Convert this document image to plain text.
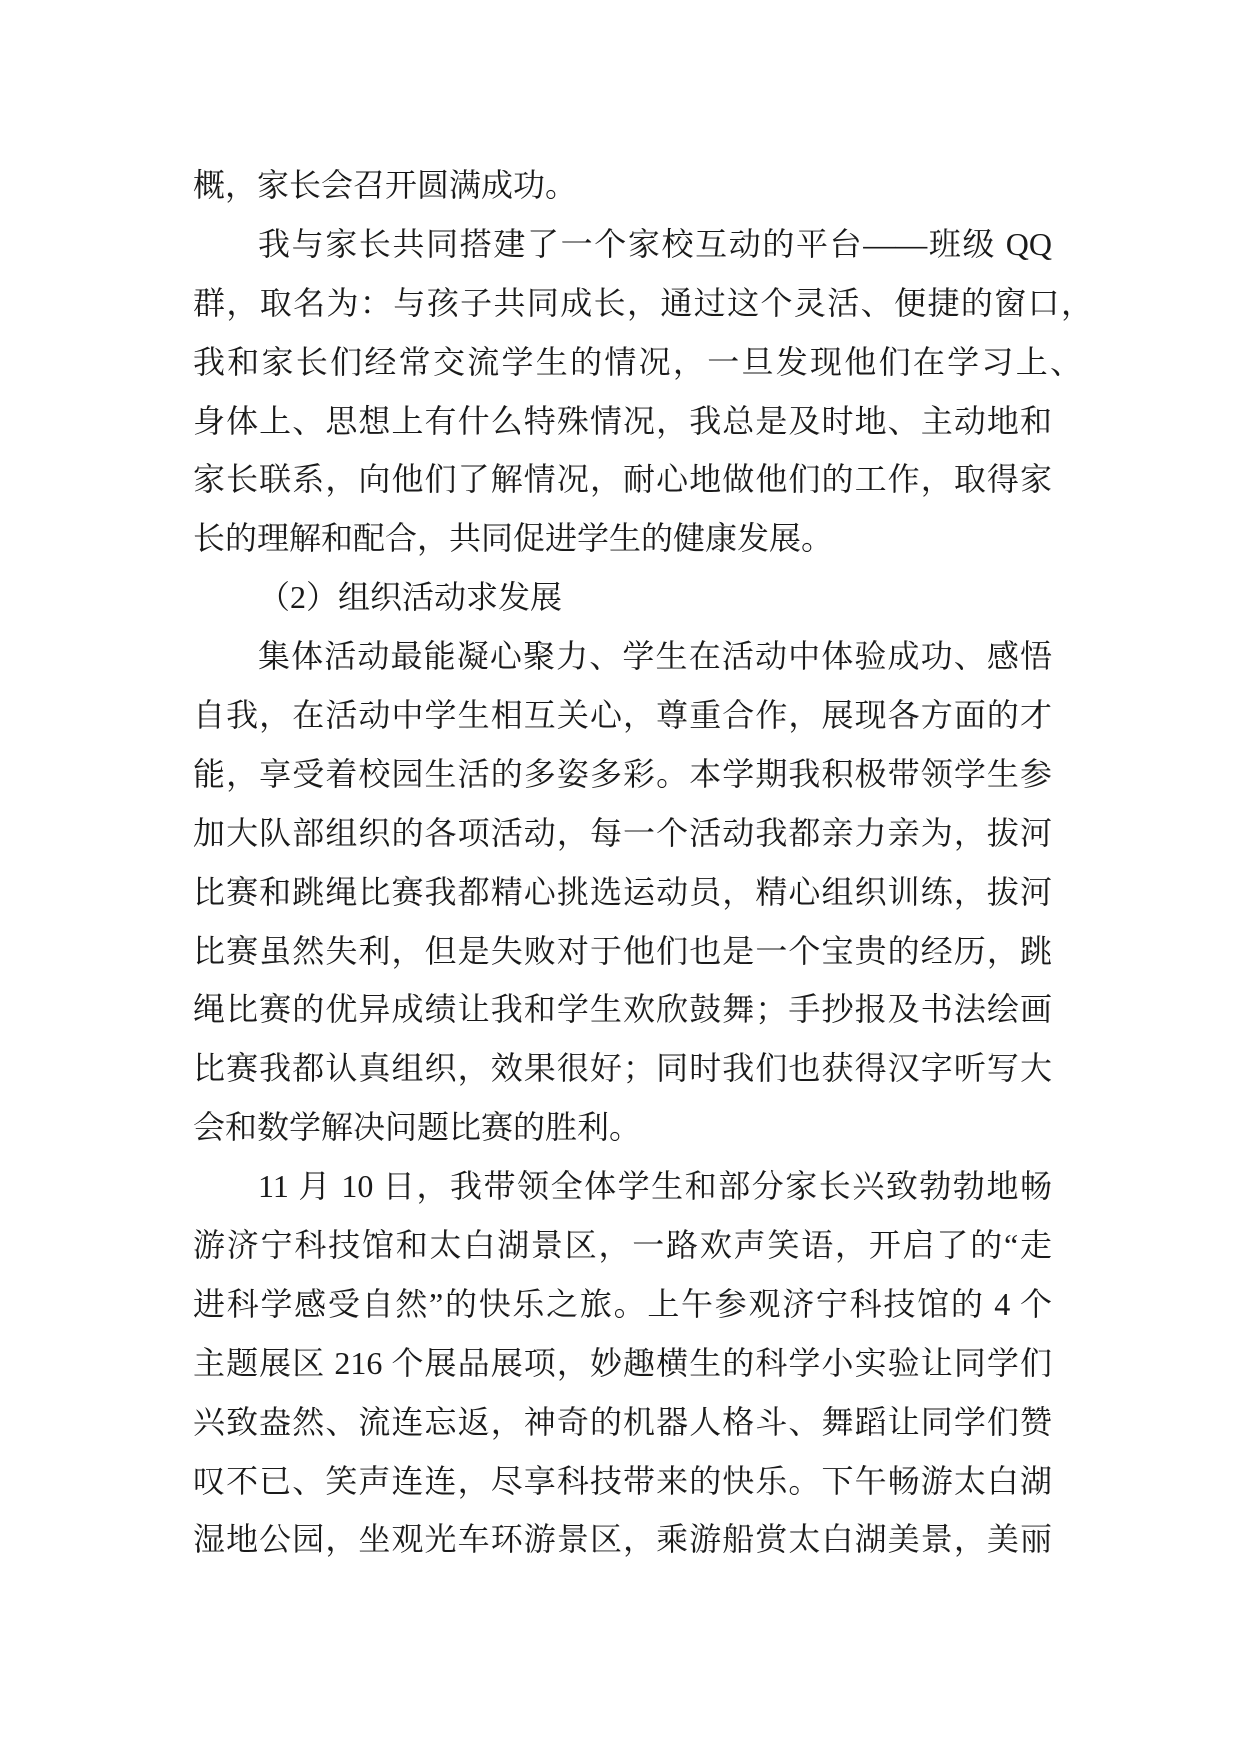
概，家长会召开圆满成功。
我与家长共同搭建了一个家校互动的平台——班级 QQ
群，取名为：与孩子共同成长，通过这个灵活、便捷的窗口，
我和家长们经常交流学生的情况，一旦发现他们在学习上、
身体上、思想上有什么特殊情况，我总是及时地、主动地和
家长联系，向他们了解情况，耐心地做他们的工作，取得家
长的理解和配合，共同促进学生的健康发展。
（2）组织活动求发展
集体活动最能凝心聚力、学生在活动中体验成功、感悟
自我，在活动中学生相互关心，尊重合作，展现各方面的才
能，享受着校园生活的多姿多彩。本学期我积极带领学生参
加大队部组织的各项活动，每一个活动我都亲力亲为，拔河
比赛和跳绳比赛我都精心挑选运动员，精心组织训练，拔河
比赛虽然失利，但是失败对于他们也是一个宝贵的经历，跳
绳比赛的优异成绩让我和学生欢欣鼓舞；手抄报及书法绘画
比赛我都认真组织，效果很好；同时我们也获得汉字听写大
会和数学解决问题比赛的胜利。
11 月 10 日，我带领全体学生和部分家长兴致勃勃地畅
游济宁科技馆和太白湖景区，一路欢声笑语，开启了的“走
进科学感受自然”的快乐之旅。上午参观济宁科技馆的 4 个
主题展区 216 个展品展项，妙趣横生的科学小实验让同学们
兴致盎然、流连忘返，神奇的机器人格斗、舞蹈让同学们赞
叹不已、笑声连连，尽享科技带来的快乐。下午畅游太白湖
湿地公园，坐观光车环游景区，乘游船赏太白湖美景，美丽
